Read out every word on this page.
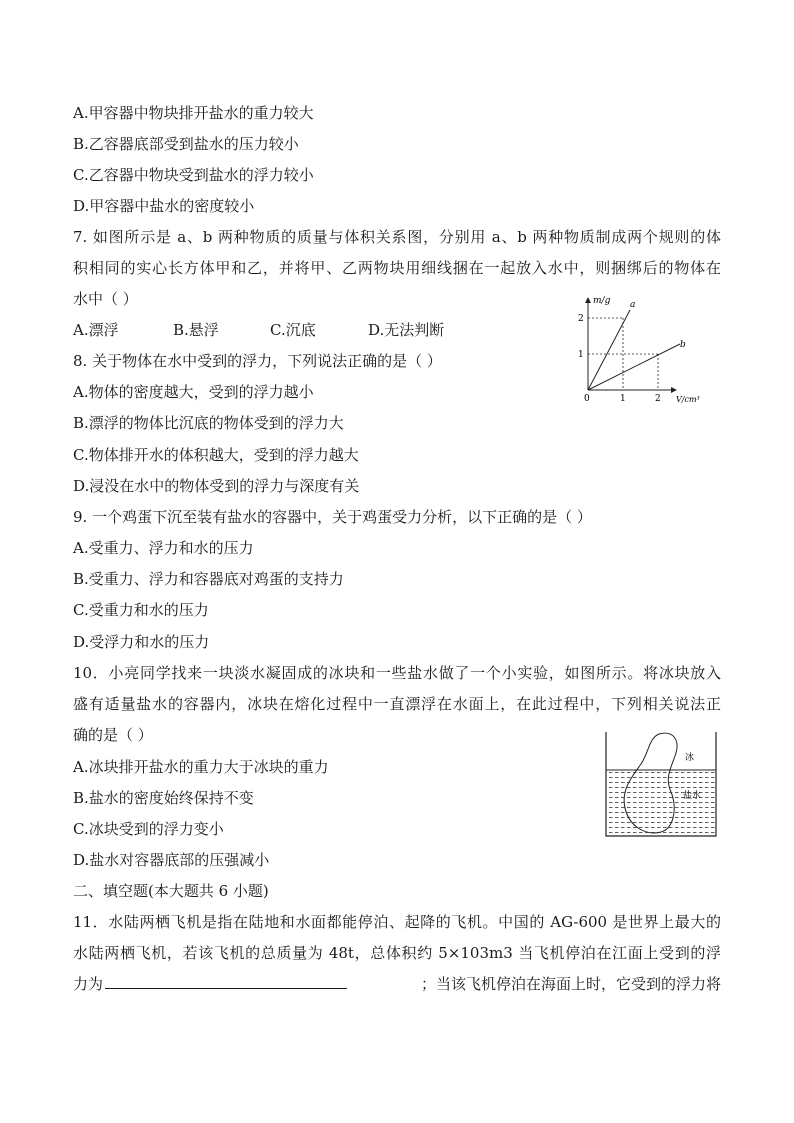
A.甲容器中物块排开盐水的重力较大
B.乙容器底部受到盐水的压力较小
C.乙容器中物块受到盐水的浮力较小
D.甲容器中盐水的密度较小
7. 如图所示是 a、b 两种物质的质量与体积关系图，分别用 a、b 两种物质制成两个规则的体
积相同的实心长方体甲和乙，并将甲、乙两物块用细线捆在一起放入水中，则捆绑后的物体在
水中（ ）
A.漂浮	B.悬浮	C.沉底	D.无法判断
m/g
V/cm³
0	1	2
1
2
a
b
8. 关于物体在水中受到的浮力，下列说法正确的是（ ）
A.物体的密度越大，受到的浮力越小
B.漂浮的物体比沉底的物体受到的浮力大
C.物体排开水的体积越大，受到的浮力越大
D.浸没在水中的物体受到的浮力与深度有关
9. 一个鸡蛋下沉至装有盐水的容器中，关于鸡蛋受力分析，以下正确的是（ ）
A.受重力、浮力和水的压力
B.受重力、浮力和容器底对鸡蛋的支持力
C.受重力和水的压力
D.受浮力和水的压力
10．小亮同学找来一块淡水凝固成的冰块和一些盐水做了一个小实验，如图所示。将冰块放入
盛有适量盐水的容器内，冰块在熔化过程中一直漂浮在水面上，在此过程中，下列相关说法正
确的是（ ）
A.冰块排开盐水的重力大于冰块的重力
B.盐水的密度始终保持不变
C.冰块受到的浮力变小
D.盐水对容器底部的压强减小
冰
盐水
二、填空题(本大题共 6 小题)
11．水陆两栖飞机是指在陆地和水面都能停泊、起降的飞机。中国的 AG-600 是世界上最大的
水陆两栖飞机，若该飞机的总质量为 48t，总体积约 5×103m3 当飞机停泊在江面上受到的浮
力为	；当该飞机停泊在海面上时，它受到的浮力将
